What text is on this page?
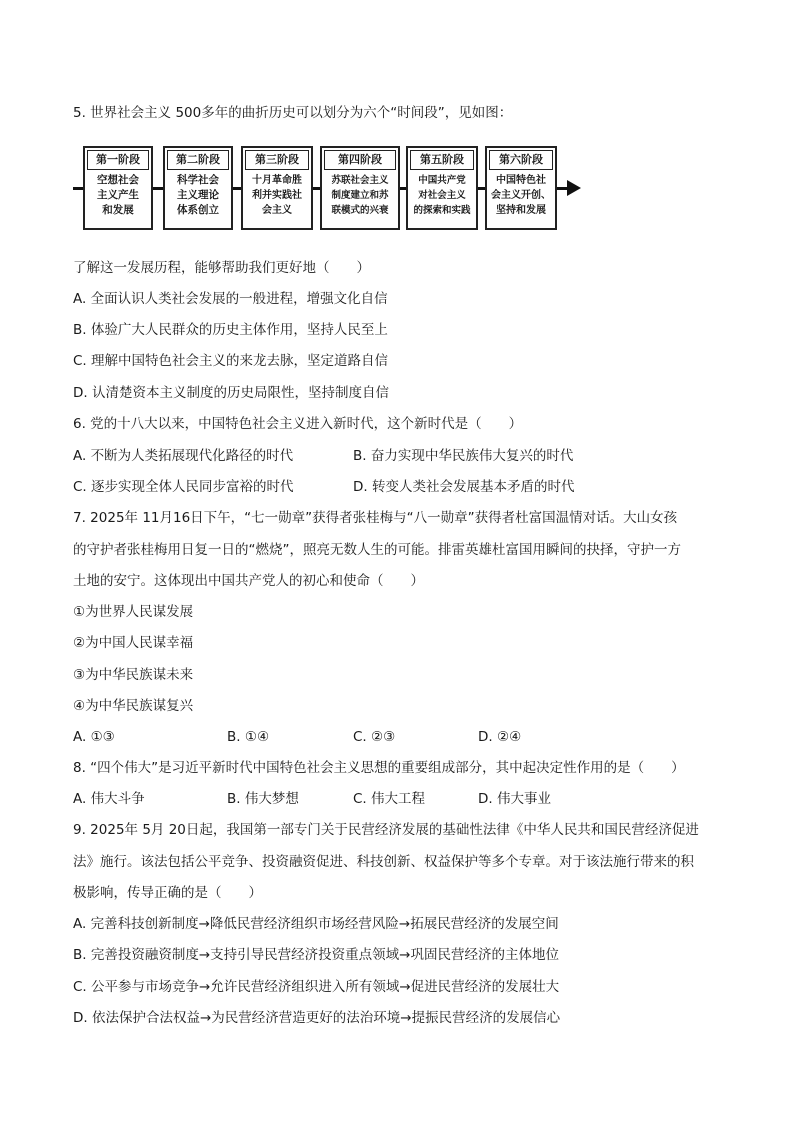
5. 世界社会主义 500多年的曲折历史可以划分为六个“时间段”，见如图：
第一阶段
空想社会
主义产生
和发展
第二阶段
科学社会
主义理论
体系创立
第三阶段
十月革命胜
利并实践社
会主义
第四阶段
苏联社会主义
制度建立和苏
联模式的兴衰
第五阶段
中国共产党
对社会主义
的探索和实践
第六阶段
中国特色社
会主义开创、
坚持和发展
了解这一发展历程，能够帮助我们更好地（　　）
A. 全面认识人类社会发展的一般进程，增强文化自信
B. 体验广大人民群众的历史主体作用，坚持人民至上
C. 理解中国特色社会主义的来龙去脉，坚定道路自信
D. 认清楚资本主义制度的历史局限性，坚持制度自信
6. 党的十八大以来，中国特色社会主义进入新时代，这个新时代是（　　）
A. 不断为人类拓展现代化路径的时代	B. 奋力实现中华民族伟大复兴的时代
C. 逐步实现全体人民同步富裕的时代	D. 转变人类社会发展基本矛盾的时代
7. 2025年 11月16日下午，“七一勋章”获得者张桂梅与“八一勋章”获得者杜富国温情对话。大山女孩
的守护者张桂梅用日复一日的“燃烧”，照亮无数人生的可能。排雷英雄杜富国用瞬间的抉择，守护一方
土地的安宁。这体现出中国共产党人的初心和使命（　　）
①为世界人民谋发展
②为中国人民谋幸福
③为中华民族谋未来
④为中华民族谋复兴
A. ①③	B. ①④	C. ②③	D. ②④
8. “四个伟大”是习近平新时代中国特色社会主义思想的重要组成部分，其中起决定性作用的是（　　）
A. 伟大斗争	B. 伟大梦想	C. 伟大工程	D. 伟大事业
9. 2025年 5月 20日起，我国第一部专门关于民营经济发展的基础性法律《中华人民共和国民营经济促进
法》施行。该法包括公平竞争、投资融资促进、科技创新、权益保护等多个专章。对于该法施行带来的积
极影响，传导正确的是（　　）
A. 完善科技创新制度→降低民营经济组织市场经营风险→拓展民营经济的发展空间
B. 完善投资融资制度→支持引导民营经济投资重点领域→巩固民营经济的主体地位
C. 公平参与市场竞争→允许民营经济组织进入所有领域→促进民营经济的发展壮大
D. 依法保护合法权益→为民营经济营造更好的法治环境→提振民营经济的发展信心
